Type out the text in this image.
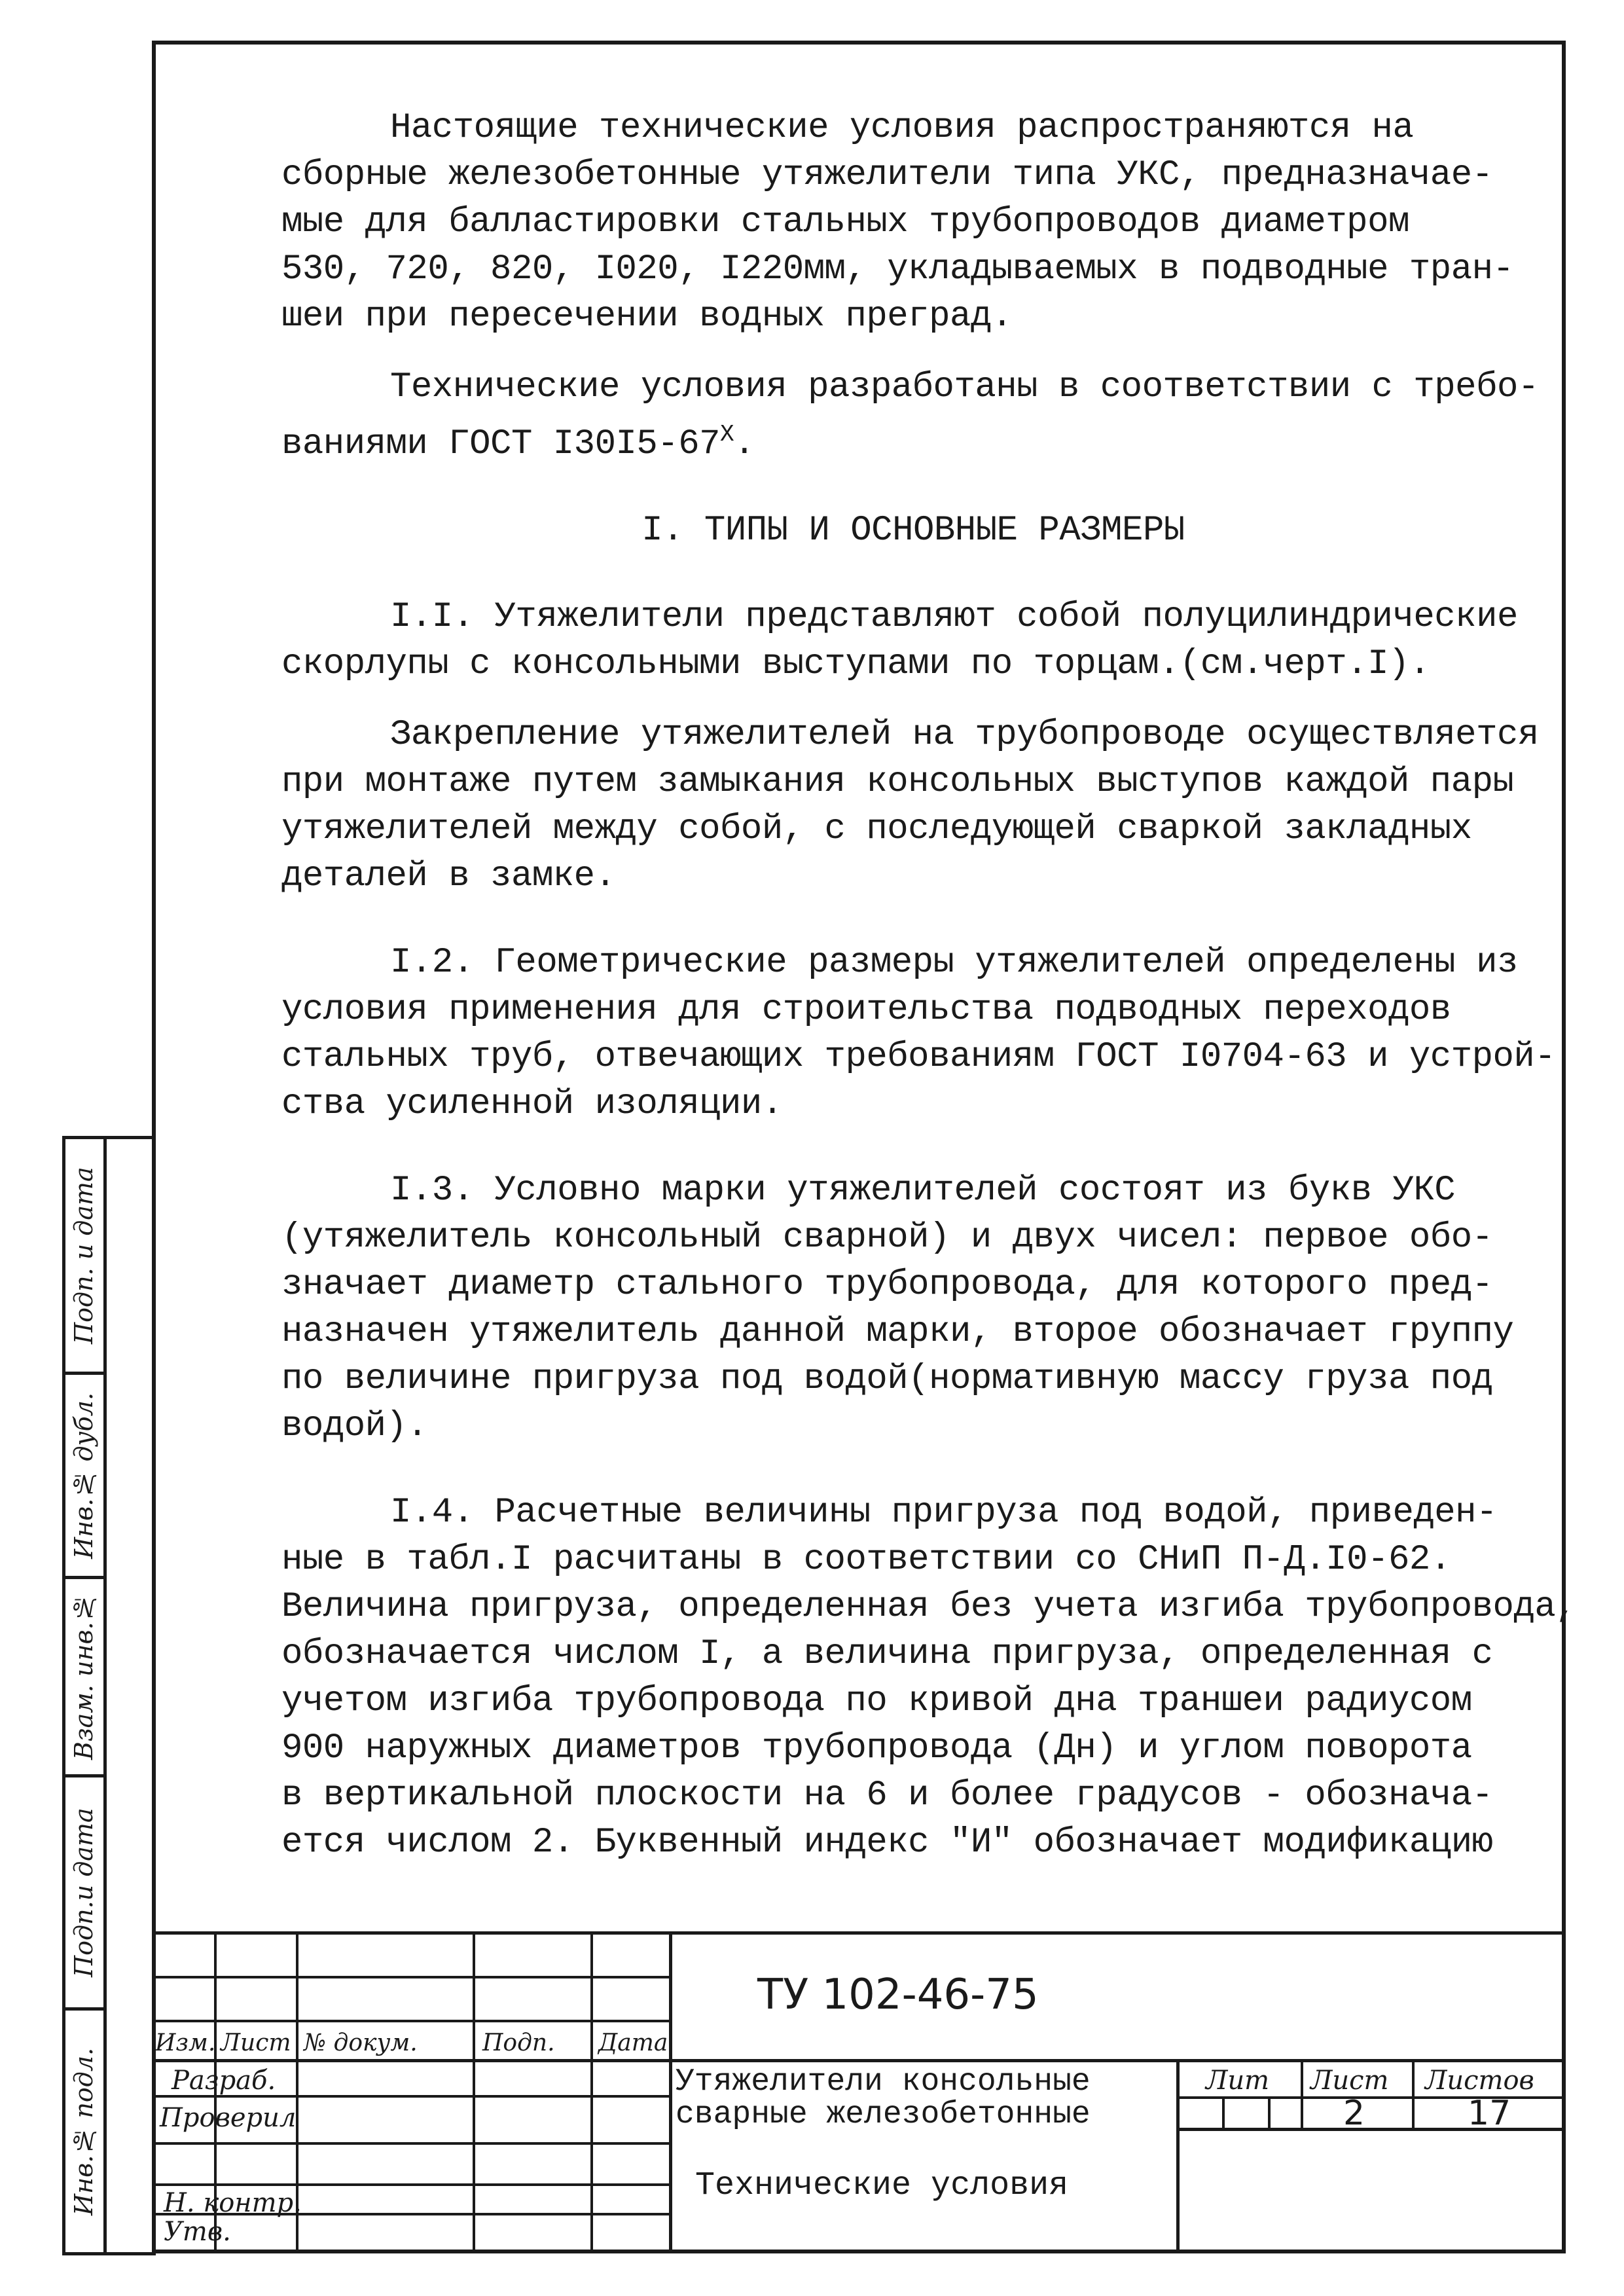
Настоящие технические условия распространяются на
сборные железобетонные утяжелители типа УКС, предназначае-
мые для балластировки стальных трубопроводов диаметром
530, 720, 820, I020, I220мм, укладываемых в подводные тран-
шеи при пересечении водных преград.
Технические условия разработаны в соответствии с требо-
ваниями ГОСТ $I30I5-67^X$.
I. ТИПЫ И ОСНОВНЫЕ РАЗМЕРЫ
I.I. Утяжелители представляют собой полуцилиндрические
скорлупы с консольными выступами по торцам.(см.черт.I).
Закрепление утяжелителей на трубопроводе осуществляется
при монтаже путем замыкания консольных выступов каждой пары
утяжелителей между собой, с последующей сваркой закладных
деталей в замке.
I.2. Геометрические размеры утяжелителей определены из
условия применения для строительства подводных переходов
стальных труб, отвечающих требованиям ГОСТ I0704-63 и устрой-
ства усиленной изоляции.
I.3. Условно марки утяжелителей состоят из букв УКС
(утяжелитель консольный сварной) и двух чисел: первое обо-
значает диаметр стального трубопровода, для которого пред-
назначен утяжелитель данной марки, второе обозначает группу
по величине пригруза под водой(нормативную массу груза под
водой).
I.4. Расчетные величины пригруза под водой, приведен-
ные в табл.I расчитаны в соответствии со СНиП П-Д.I0-62.
Величина пригруза, определенная без учета изгиба трубопровода,
обозначается числом I, а величина пригруза, определенная с
учетом изгиба трубопровода по кривой дна траншеи радиусом
900 наружных диаметров трубопровода (Дн) и углом поворота
в вертикальной плоскости на 6 и более градусов - обознача-
ется числом 2. Буквенный индекс "И" обозначает модификацию
Подп. и дата
Инв.№ дубл.
Взам. инв.№
Подп.и дата
Инв.№ подл.
Изм. Лист № докум.	Подп. Дата
Разраб.
Проверил
Н. контр.
Утв.
ТУ 102-46-75
Утяжелители консольные
сварные железобетонные
Технические условия
Лит Лист Листов
2	17
